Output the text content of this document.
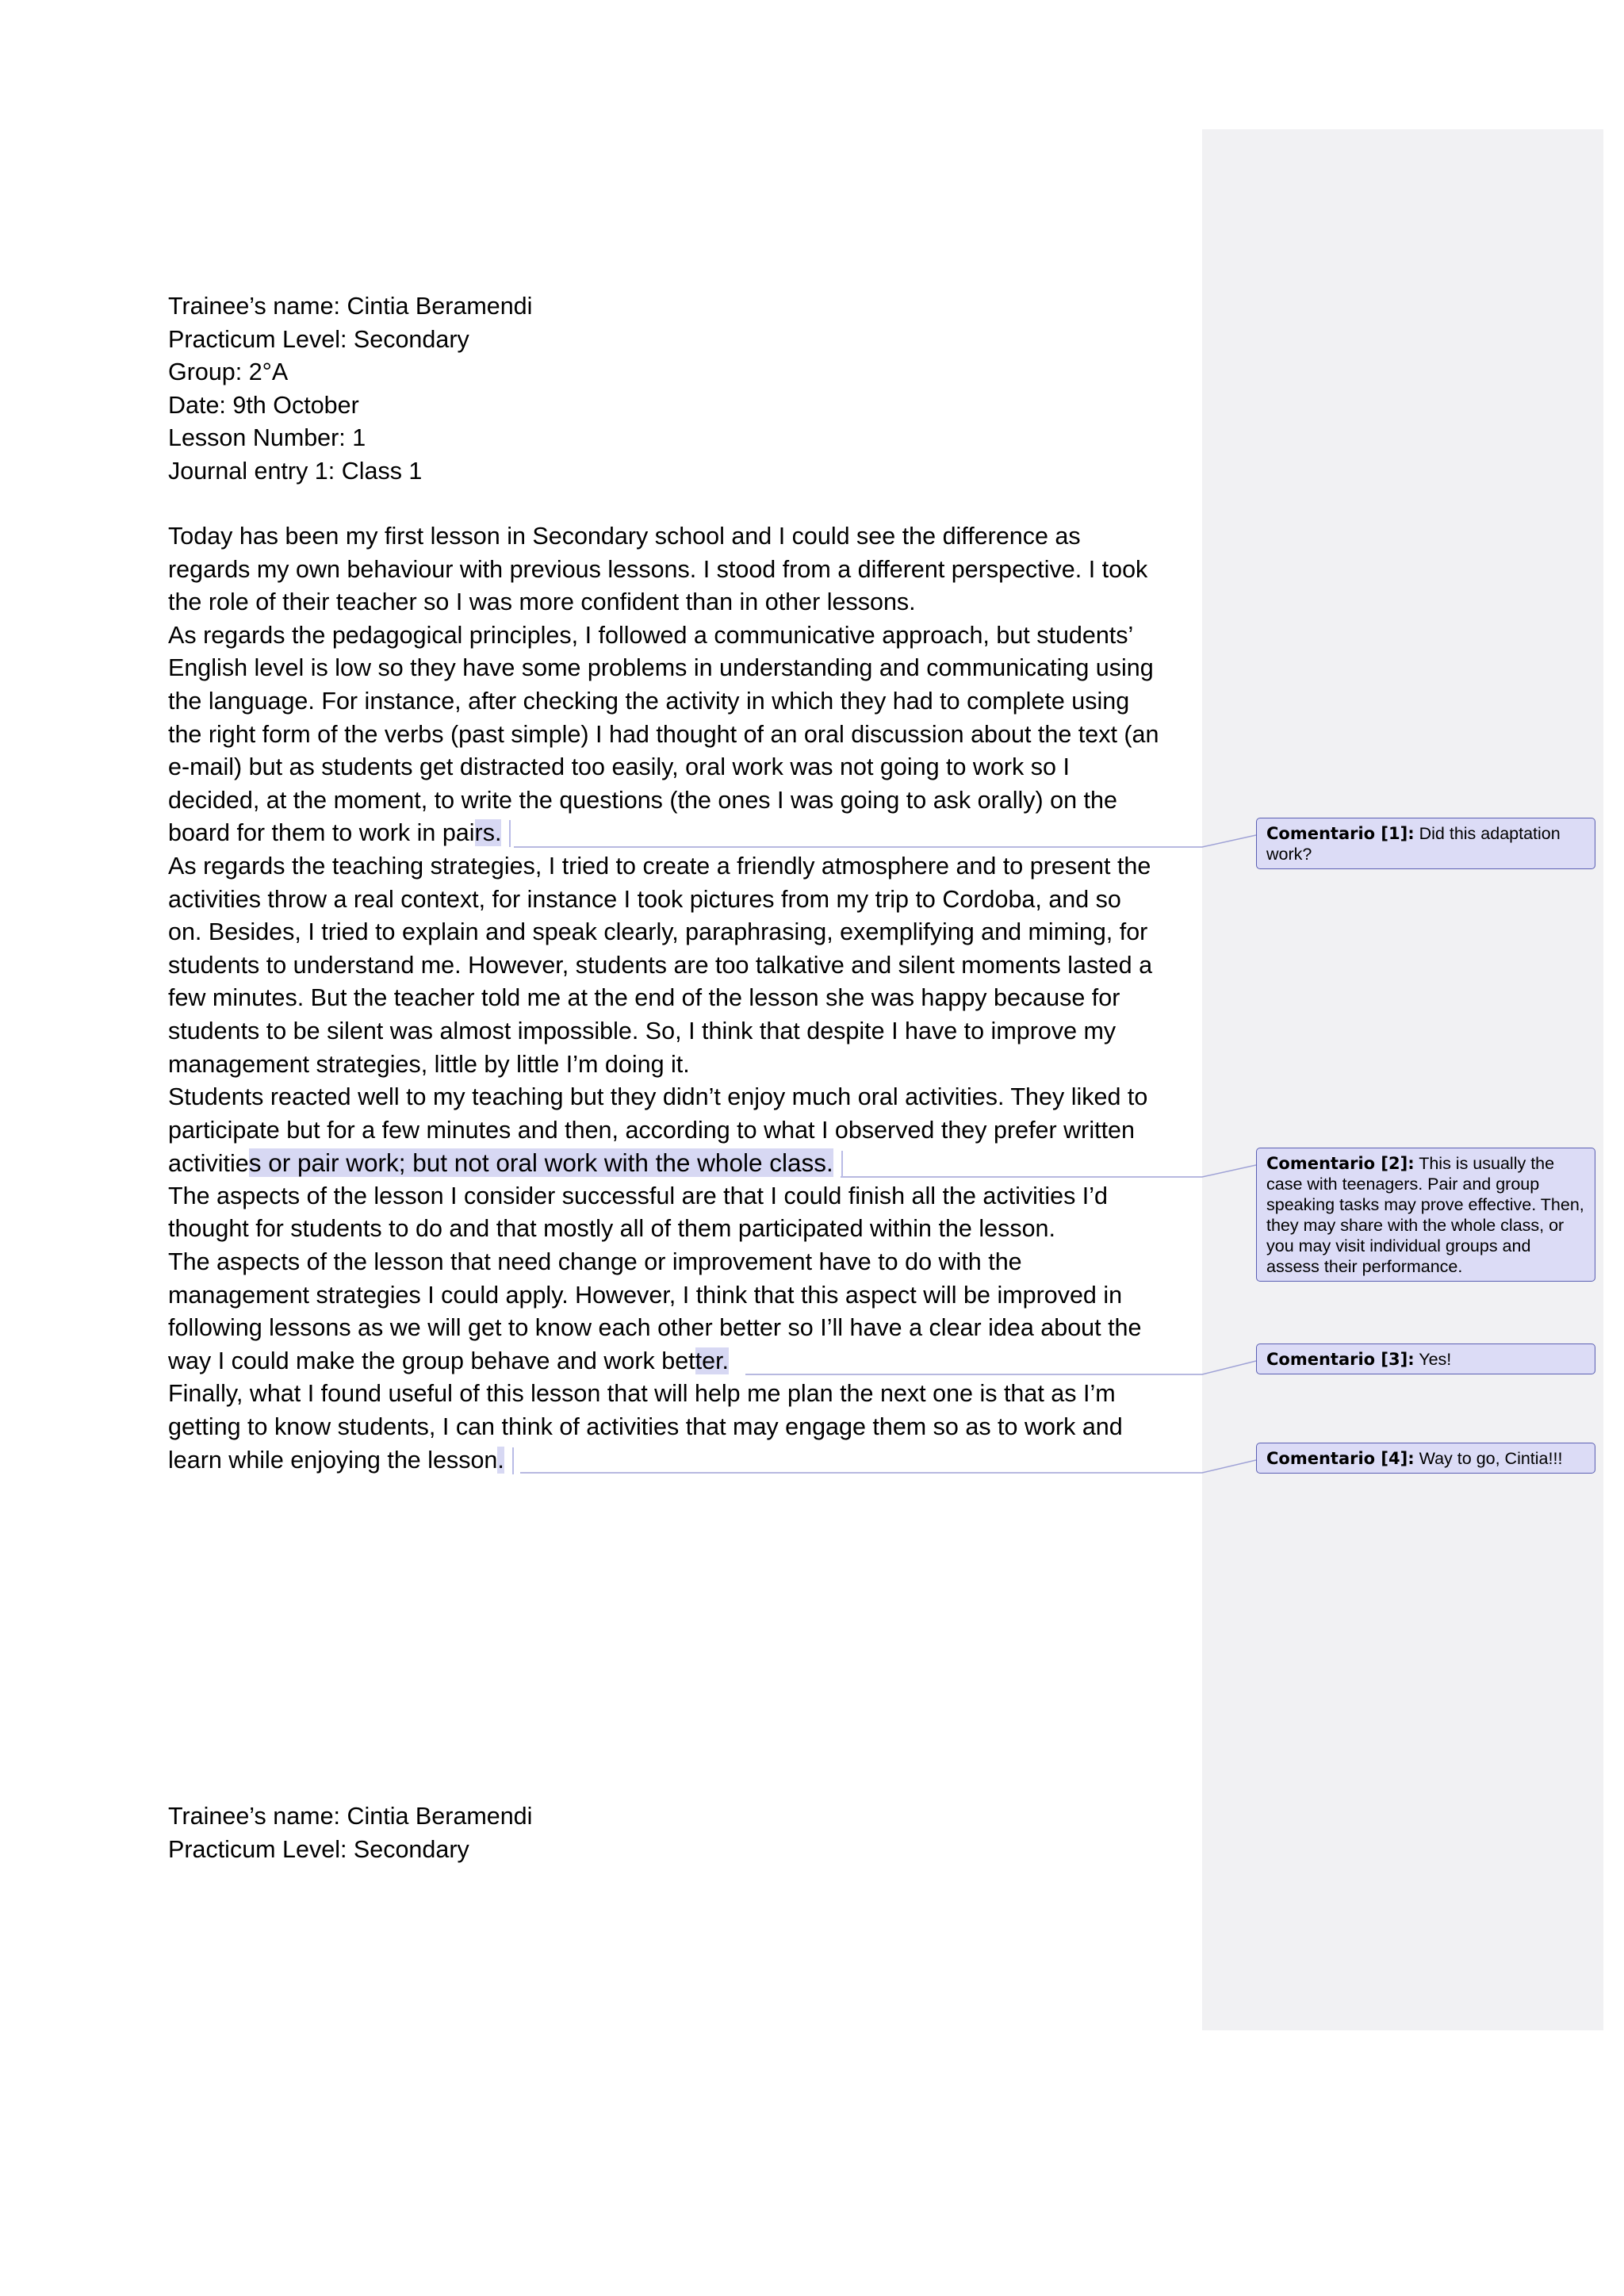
Trainee’s name: Cintia Beramendi
Practicum Level: Secondary
Group: 2°A
Date: 9th October
Lesson Number: 1
Journal entry 1: Class 1
Today has been my first lesson in Secondary school and I could see the difference as
regards my own behaviour with previous lessons. I stood from a different perspective. I took
the role of their teacher so I was more confident than in other lessons.
As regards the pedagogical principles, I followed a communicative approach, but students’
English level is low so they have some problems in understanding and communicating using
the language. For instance, after checking the activity in which they had to complete using
the right form of the verbs (past simple) I had thought of an oral discussion about the text (an
e-mail) but as students get distracted too easily, oral work was not going to work so I
decided, at the moment, to write the questions (the ones I was going to ask orally) on the
board for them to work in pairs.
As regards the teaching strategies, I tried to create a friendly atmosphere and to present the
activities throw a real context, for instance I took pictures from my trip to Cordoba, and so
on. Besides, I tried to explain and speak clearly, paraphrasing, exemplifying and miming, for
students to understand me. However, students are too talkative and silent moments lasted a
few minutes. But the teacher told me at the end of the lesson she was happy because for
students to be silent was almost impossible. So, I think that despite I have to improve my
management strategies, little by little I’m doing it.
Students reacted well to my teaching but they didn’t enjoy much oral activities. They liked to
participate but for a few minutes and then, according to what I observed they prefer written
activities or pair work; but not oral work with the whole class.
The aspects of the lesson I consider successful are that I could finish all the activities I’d
thought for students to do and that mostly all of them participated within the lesson.
The aspects of the lesson that need change or improvement have to do with the
management strategies I could apply. However, I think that this aspect will be improved in
following lessons as we will get to know each other better so I’ll have a clear idea about the
way I could make the group behave and work better.
Finally, what I found useful of this lesson that will help me plan the next one is that as I’m
getting to know students, I can think of activities that may engage them so as to work and
learn while enjoying the lesson.
Trainee’s name: Cintia Beramendi
Practicum Level: Secondary
Comentario [1]: Did this adaptation work?
Comentario [2]: This is usually the case with teenagers. Pair and group speaking tasks may prove effective. Then, they may share with the whole class, or you may visit individual groups and assess their performance.
Comentario [3]: Yes!
Comentario [4]: Way to go, Cintia!!!
